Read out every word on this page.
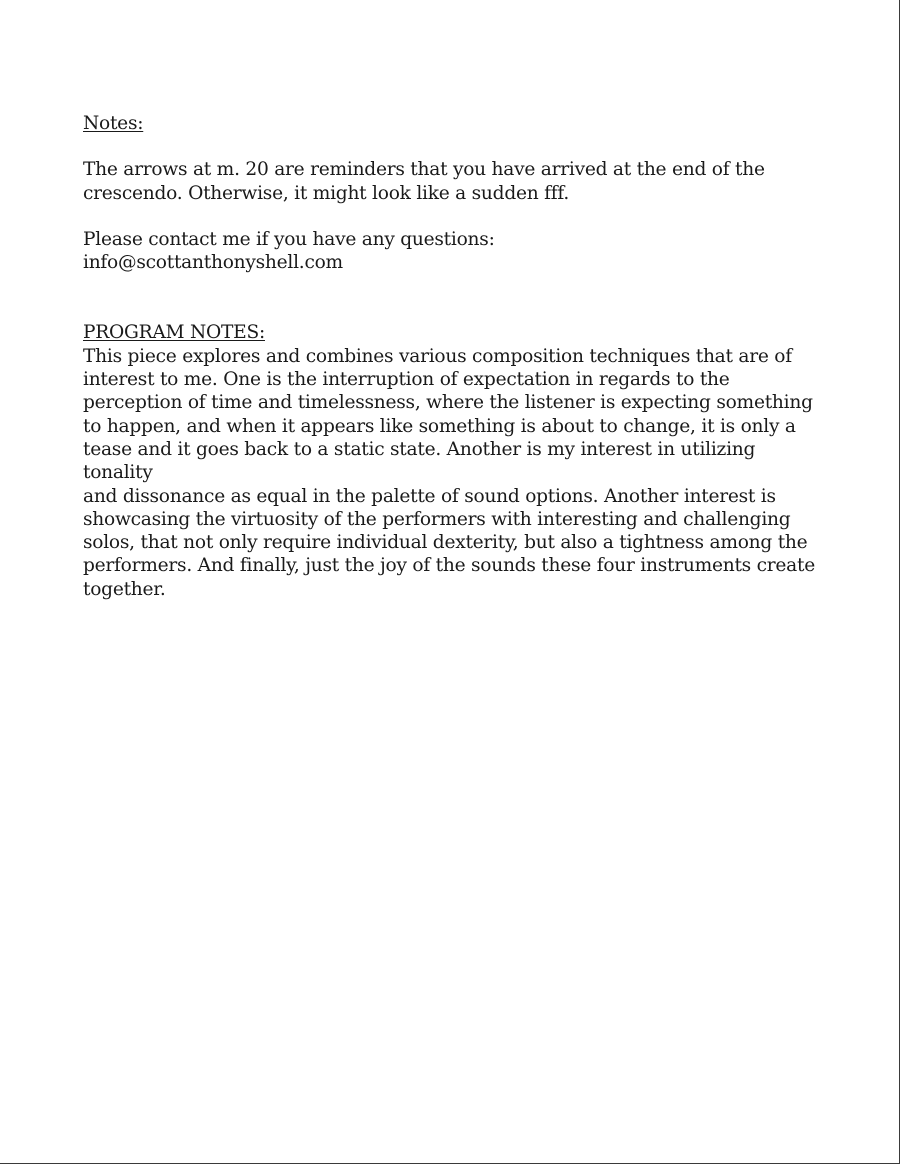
Notes:

The arrows at m. 20 are reminders that you have arrived at the end of the

crescendo. Otherwise, it might look like a sudden fff.

Please contact me if you have any questions:

info@scottanthonyshell.com

PROGRAM NOTES:

This piece explores and combines various composition techniques that are of

interest to me. One is the interruption of expectation in regards to the

perception of time and timelessness, where the listener is expecting something

to happen, and when it appears like something is about to change, it is only a

tease and it goes back to a static state. Another is my interest in utilizing tonality

and dissonance as equal in the palette of sound options. Another interest is

showcasing the virtuosity of the performers with interesting and challenging

solos, that not only require individual dexterity, but also a tightness among the

performers. And finally, just the joy of the sounds these four instruments create

together.
